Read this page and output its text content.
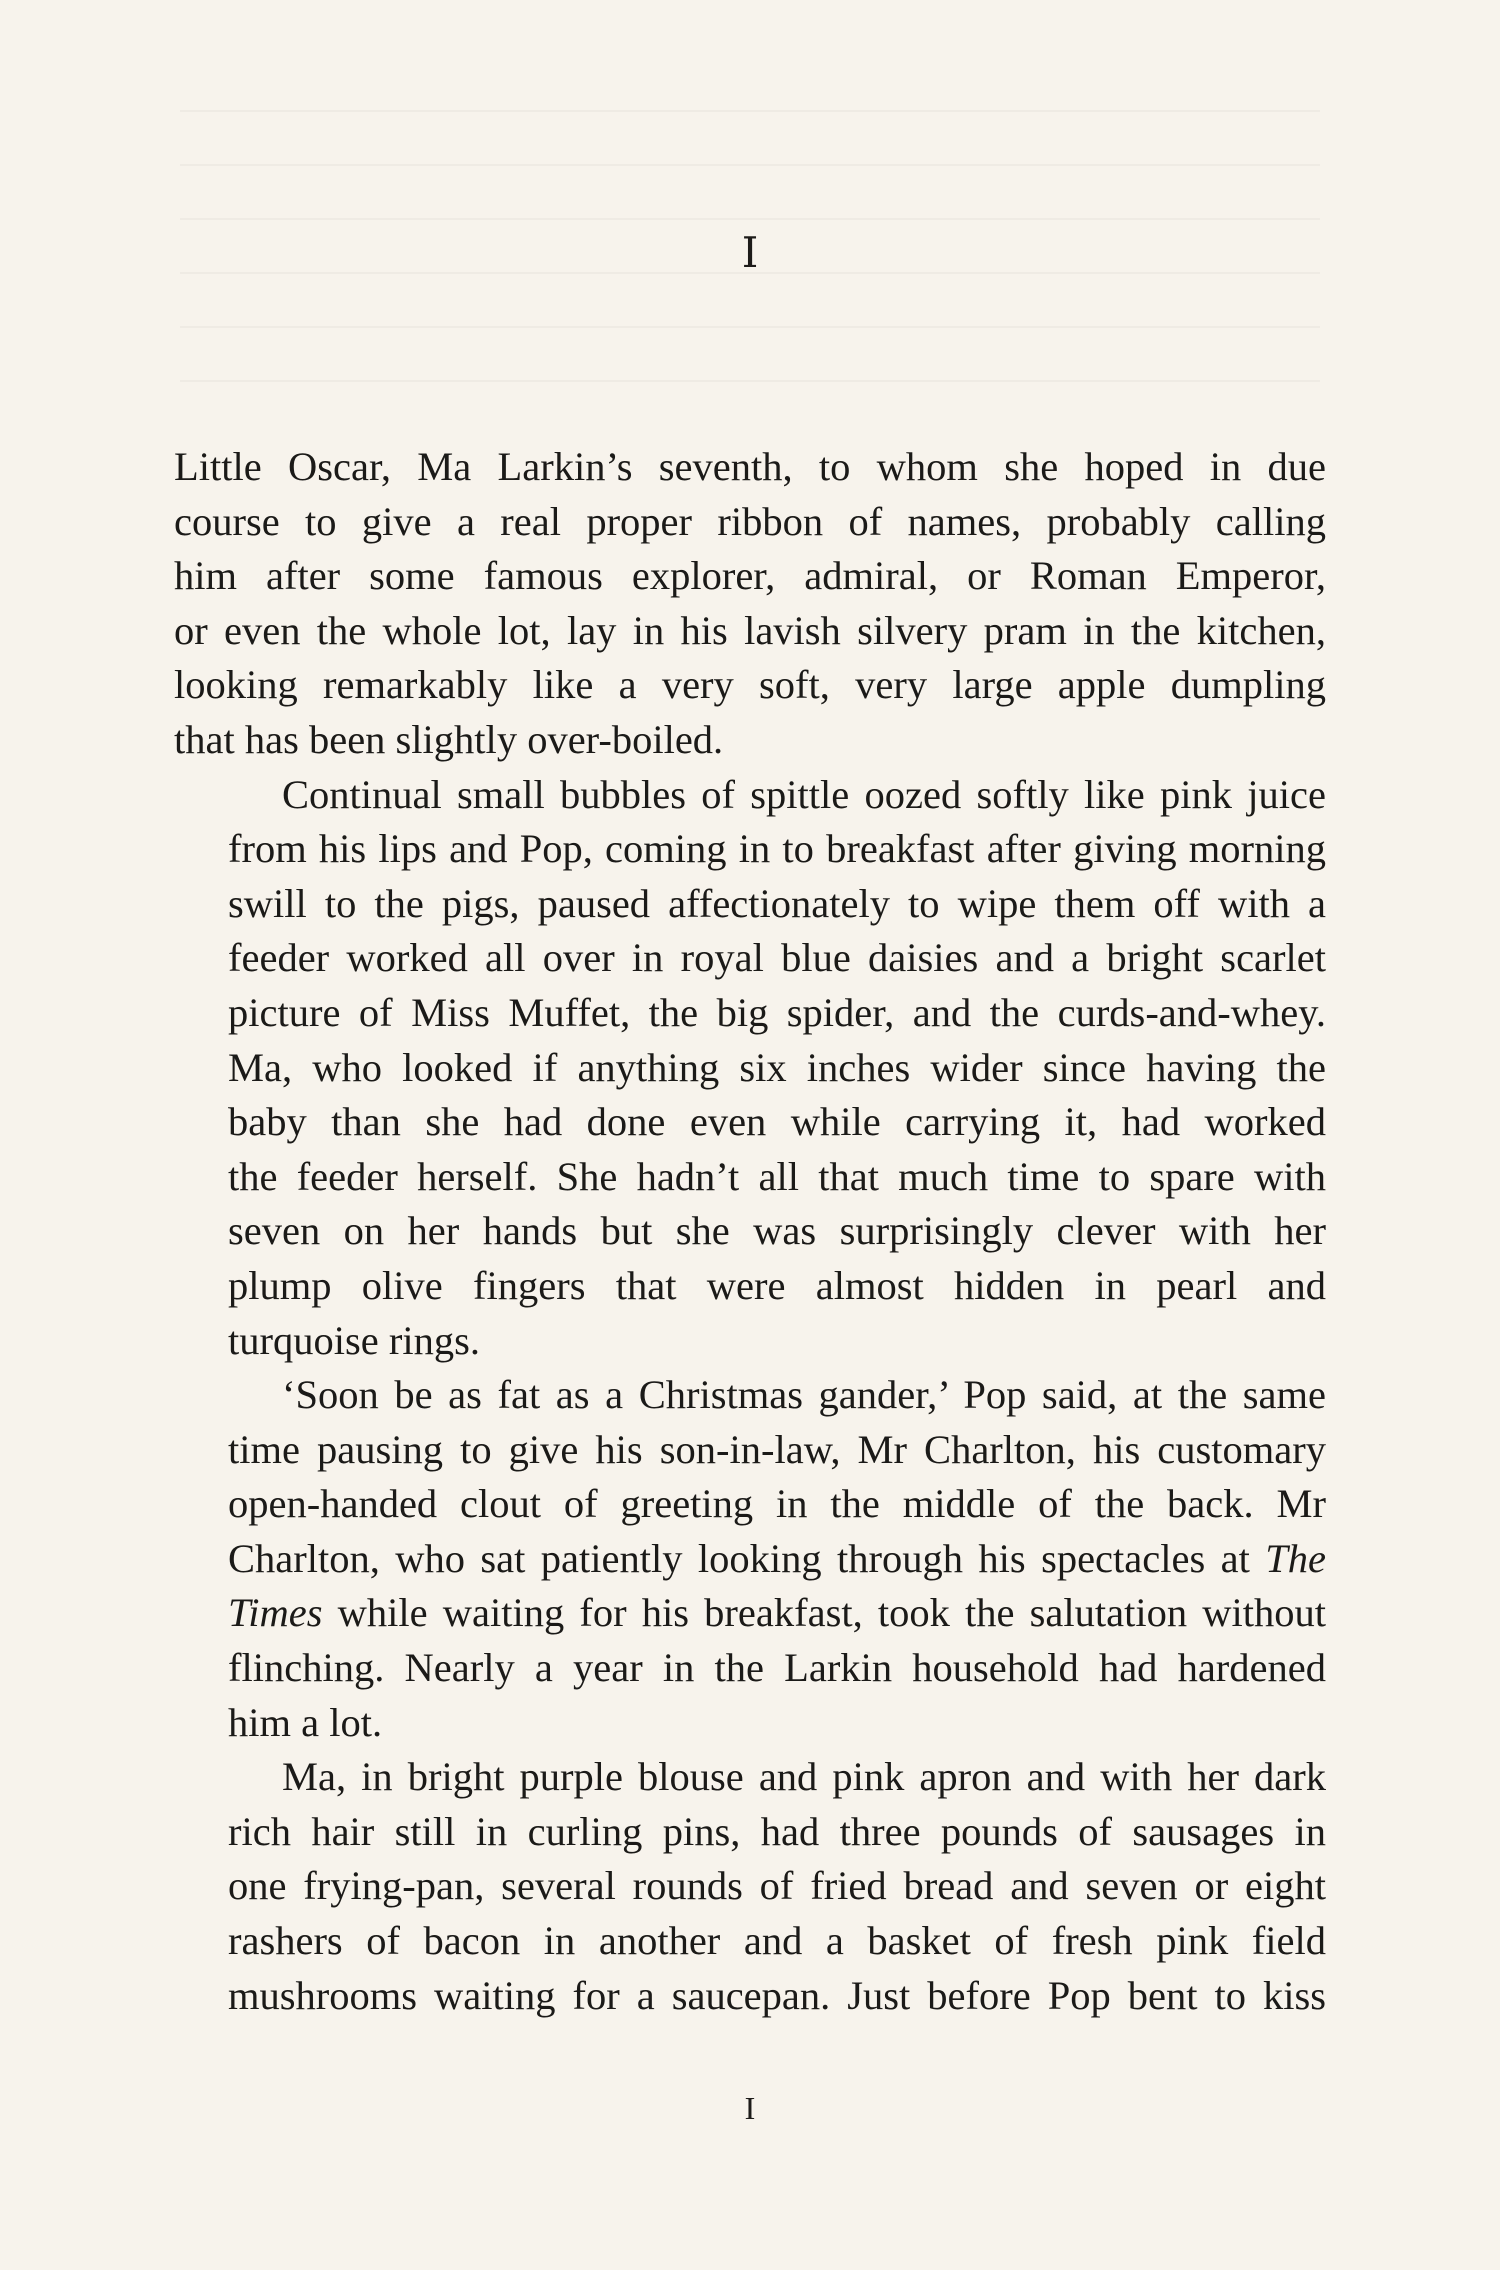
I
Little Oscar, Ma Larkin’s seventh, to whom she hoped in due
course to give a real proper ribbon of names, probably calling
him after some famous explorer, admiral, or Roman Emperor,
or even the whole lot, lay in his lavish silvery pram in the kitchen,
looking remarkably like a very soft, very large apple dumpling
that has been slightly over-boiled.
Continual small bubbles of spittle oozed softly like pink juice
from his lips and Pop, coming in to breakfast after giving morning
swill to the pigs, paused affectionately to wipe them off with a
feeder worked all over in royal blue daisies and a bright scarlet
picture of Miss Muffet, the big spider, and the curds-and-whey.
Ma, who looked if anything six inches wider since having the
baby than she had done even while carrying it, had worked
the feeder herself. She hadn’t all that much time to spare with
seven on her hands but she was surprisingly clever with her
plump olive fingers that were almost hidden in pearl and
turquoise rings.
‘Soon be as fat as a Christmas gander,’ Pop said, at the same
time pausing to give his son-in-law, Mr Charlton, his customary
open-handed clout of greeting in the middle of the back. Mr
Charlton, who sat patiently looking through his spectacles at The
Times while waiting for his breakfast, took the salutation without
flinching. Nearly a year in the Larkin household had hardened
him a lot.
Ma, in bright purple blouse and pink apron and with her dark
rich hair still in curling pins, had three pounds of sausages in
one frying-pan, several rounds of fried bread and seven or eight
rashers of bacon in another and a basket of fresh pink field
mushrooms waiting for a saucepan. Just before Pop bent to kiss
I
